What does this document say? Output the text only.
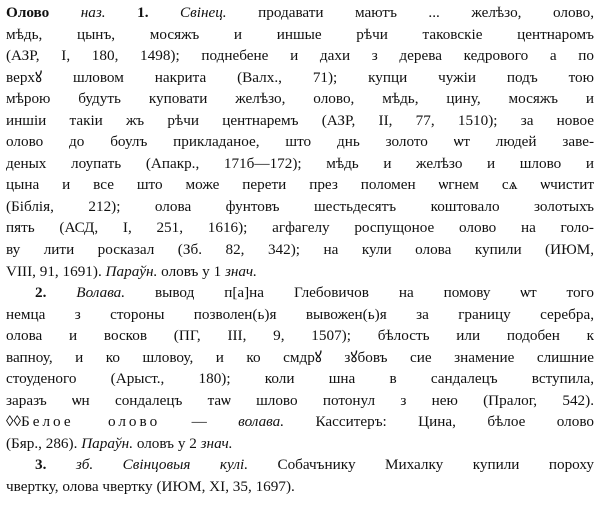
Олово наз. 1. Свінец. продавати маютъ ... желѣзо, олово,
мѣдь, цынъ, мосяжъ и иншые рѣчи таковскіе центнаромъ
(АЗР, I, 180, 1498); поднебене и дахи з дерева кедрового а по
верхꙋ шловом накрита (Валх., 71); купци чужіи подъ тою
мѣрою будуть куповати желѣзо, олово, мѣдь, цину, мосяжъ и
иншіи такіи жъ рѣчи центнаремъ (АЗР, II, 77, 1510); за новое
олово до боулъ прикладаное, што днь золото ѡт людей заве-
деных лоупать (Апакр., 171б—172); мѣдь и желѣзо и шлово и
цына и все што може перети през поломен ѡгнем сѧ ѡчистит
(Біблія, 212); олова фунтовъ шестьдесятъ коштовало золотыхъ
пять (АСД, I, 251, 1616); агфагелу роспущоное олово на голо-
ву лити росказал (Зб. 82, 342); на кули олова купили (ИЮМ,
VIII, 91, 1691). Параўн. оловъ у 1 знач.
2. Волава. вывод п[а]на Глебовичов на помову ѡт того
немца з стороны позволен(ь)я вывожен(ь)я за границу серебра,
олова и восков (ПГ, III, 9, 1507); бѣлость или подобен к
вапноу, и ко шловоу, и ко смдрꙋ зꙋбовъ сие знамение слишние
стоуденого (Арыст., 180); коли шна в сандалецъ вступила,
заразъ ѡн сондалецъ таѡ шлово потонул з нею (Пралог, 542).
◊◊Белое олово — волава. Касситеръ: Цина, бѣлое олово
(Бяр., 286). Параўн. оловъ у 2 знач.
3. зб. Свінцовыя кулі. Собачънику Михалку купили пороху
чвертку, олова чвертку (ИЮМ, XI, 35, 1697).
